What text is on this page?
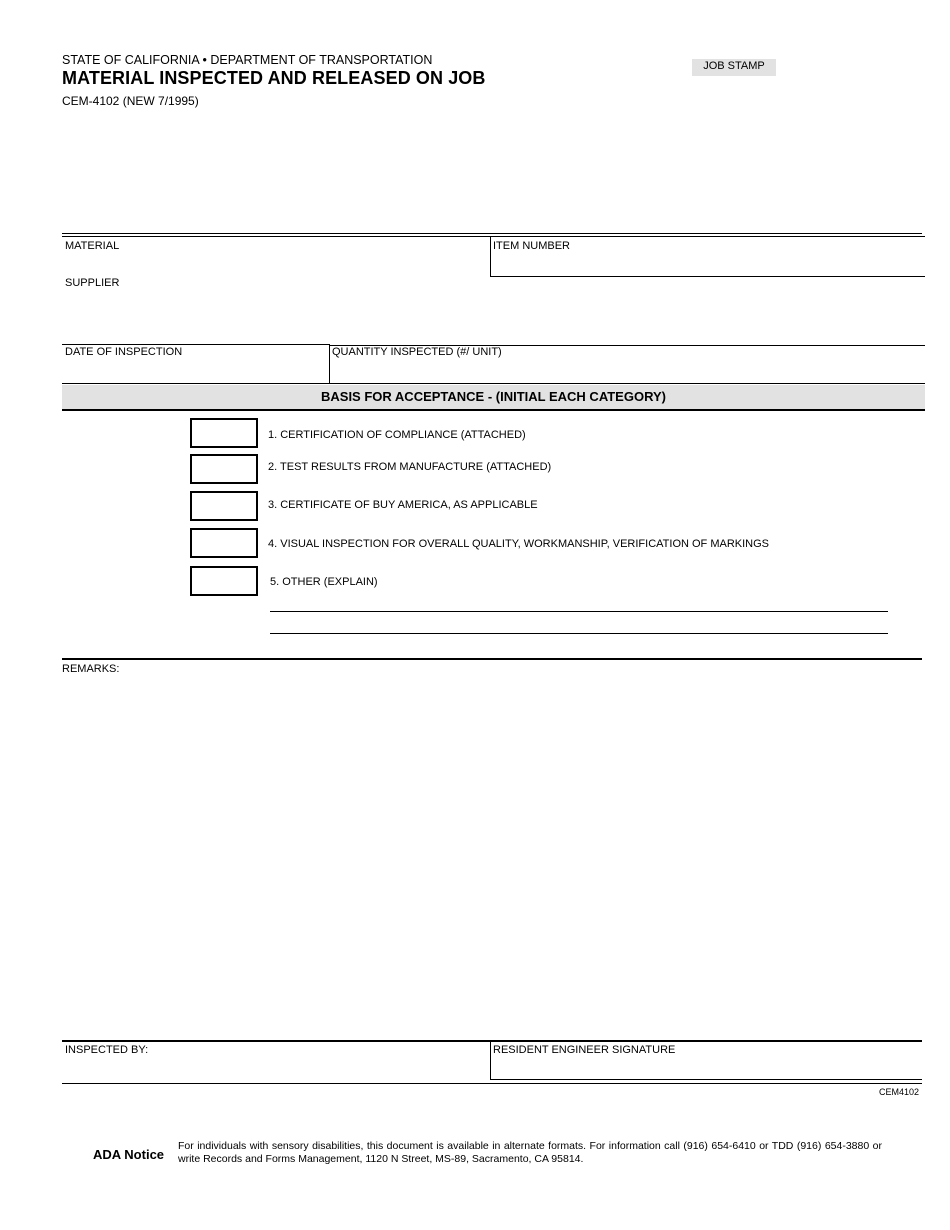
STATE OF CALIFORNIA • DEPARTMENT OF TRANSPORTATION
MATERIAL INSPECTED AND RELEASED ON JOB
CEM-4102 (NEW 7/1995)
JOB STAMP
MATERIAL	ITEM NUMBER
SUPPLIER
DATE OF INSPECTION	QUANTITY INSPECTED (#/ UNIT)
BASIS FOR ACCEPTANCE - (INITIAL EACH CATEGORY)
1. CERTIFICATION OF COMPLIANCE (ATTACHED)
2. TEST RESULTS FROM MANUFACTURE (ATTACHED)
3. CERTIFICATE OF BUY AMERICA, AS APPLICABLE
4. VISUAL INSPECTION FOR OVERALL QUALITY, WORKMANSHIP, VERIFICATION OF MARKINGS
5. OTHER (EXPLAIN)
REMARKS:
INSPECTED BY:	RESIDENT ENGINEER SIGNATURE
CEM4102
ADA Notice
For individuals with sensory disabilities, this document is available in alternate formats. For information call (916) 654-6410 or TDD (916) 654-3880 or write Records and Forms Management, 1120 N Street, MS-89, Sacramento, CA 95814.
